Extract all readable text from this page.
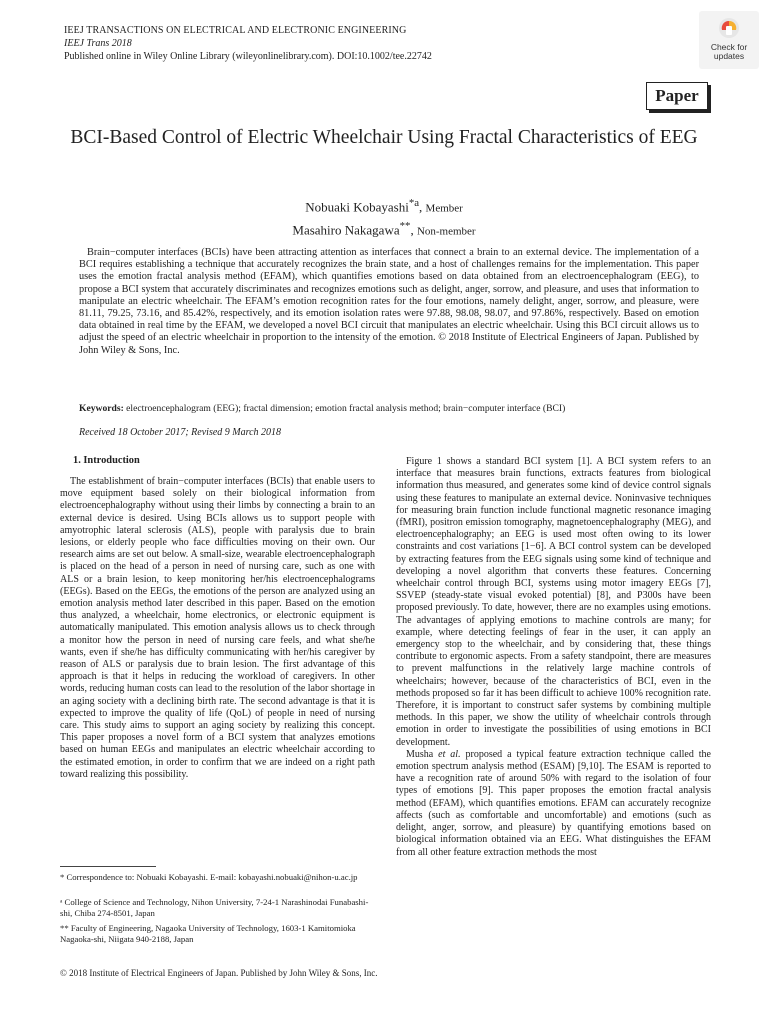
IEEJ TRANSACTIONS ON ELECTRICAL AND ELECTRONIC ENGINEERING
IEEJ Trans 2018
Published online in Wiley Online Library (wileyonlinelibrary.com). DOI:10.1002/tee.22742
Check for
updates
Paper
BCI-Based Control of Electric Wheelchair Using Fractal Characteristics of EEG
Nobuaki Kobayashi$^{*a}$, Member
Masahiro Nakagawa**, Non-member
Brain−computer interfaces (BCIs) have been attracting attention as interfaces that connect a brain to an external device. The implementation of a BCI requires establishing a technique that accurately recognizes the brain state, and a host of challenges remains for the implementation. This paper uses the emotion fractal analysis method (EFAM), which quantifies emotions based on data obtained from an electroencephalogram (EEG), to propose a BCI system that accurately discriminates and recognizes emotions such as delight, anger, sorrow, and pleasure, and uses that information to manipulate an electric wheelchair. The EFAM’s emotion recognition rates for the four emotions, namely delight, anger, sorrow, and pleasure, were 81.11, 79.25, 73.16, and 85.42%, respectively, and its emotion isolation rates were 97.88, 98.08, 98.07, and 97.86%, respectively. Based on emotion data obtained in real time by the EFAM, we developed a novel BCI circuit that manipulates an electric wheelchair. Using this BCI circuit allows us to adjust the speed of an electric wheelchair in proportion to the intensity of the emotion. © 2018 Institute of Electrical Engineers of Japan. Published by John Wiley & Sons, Inc.
Keywords: electroencephalogram (EEG); fractal dimension; emotion fractal analysis method; brain−computer interface (BCI)
Received 18 October 2017; Revised 9 March 2018
1. Introduction

The establishment of brain−computer interfaces (BCIs) that enable users to move equipment based solely on their biological information from electroencephalography without using their limbs by connecting a brain to an external device is desired. Using BCIs allows us to support people with amyotrophic lateral sclerosis (ALS), people with paralysis due to brain lesions, or elderly people who face difficulties moving on their own. Our research aims are set out below. A small-size, wearable electroencephalograph is placed on the head of a person in need of nursing care, such as one with ALS or a brain lesion, to keep monitoring her/his electroencephalograms (EEGs). Based on the EEGs, the emotions of the person are analyzed using an emotion analysis method later described in this paper. Based on the emotion thus analyzed, a wheelchair, home electronics, or electronic equipment is automatically manipulated. This emotion analysis allows us to check through a monitor how the person in need of nursing care feels, and what she/he wants, even if she/he has difficulty communicating with her/his caregiver by reason of ALS or paralysis due to brain lesion. The first advantage of this approach is that it helps in reducing the workload of caregivers. In other words, reducing human costs can lead to the resolution of the labor shortage in an aging society with a declining birth rate. The second advantage is that it is expected to improve the quality of life (QoL) of people in need of nursing care. This study aims to support an aging society by realizing this concept. This paper proposes a novel form of a BCI system that analyzes emotions based on human EEGs and manipulates an electric wheelchair according to the estimated emotion, in order to confirm that we are indeed on a right path toward realizing this possibility.

Figure 1 shows a standard BCI system [1]. A BCI system refers to an interface that measures brain functions, extracts features from biological information thus measured, and generates some kind of device control signals using these features to manipulate an external device. Noninvasive techniques for measuring brain function include functional magnetic resonance imaging (fMRI), positron emission tomography, magnetoencephalography (MEG), and electroencephalography; an EEG is used most often owing to its lower constraints and cost variations [1−6]. A BCI control system can be developed by extracting features from the EEG signals using some kind of technique and developing a novel algorithm that converts these features. Concerning wheelchair control through BCI, systems using motor imagery EEGs [7], SSVEP (steady-state visual evoked potential) [8], and P300s have been proposed previously. To date, however, there are no examples using emotions. The advantages of applying emotions to machine controls are many; for example, where detecting feelings of fear in the user, it can apply an emergency stop to the wheelchair, and by considering that, these things contribute to ergonomic aspects. From a safety standpoint, there are measures to prevent malfunctions in the relatively large machine controls of wheelchairs; however, because of the characteristics of BCI, even in the methods proposed so far it has been difficult to achieve 100% recognition rate. Therefore, it is important to construct safer systems by combining multiple methods. In this paper, we show the utility of wheelchair controls through emotion in order to investigate the possibilities of using emotions in BCI development.

Musha et al. proposed a typical feature extraction technique called the emotion spectrum analysis method (ESAM) [9,10]. The ESAM is reported to have a recognition rate of around 50% with regard to the isolation of four types of emotions [9]. This paper proposes the emotion fractal analysis method (EFAM), which quantifies emotions. EFAM can accurately recognize affects (such as comfortable and uncomfortable) and emotions (such as delight, anger, sorrow, and pleasure) by quantifying emotions based on biological information obtained via an EEG. What distinguishes the EFAM from all other feature extraction methods the most

* Correspondence to: Nobuaki Kobayashi. E-mail: kobayashi.nobuaki@nihon-u.ac.jp
ᵃ College of Science and Technology, Nihon University, 7-24-1 Narashinodai Funabashi-shi, Chiba 274-8501, Japan
** Faculty of Engineering, Nagaoka University of Technology, 1603-1 Kamitomioka Nagaoka-shi, Niigata 940-2188, Japan
© 2018 Institute of Electrical Engineers of Japan. Published by John Wiley & Sons, Inc.
